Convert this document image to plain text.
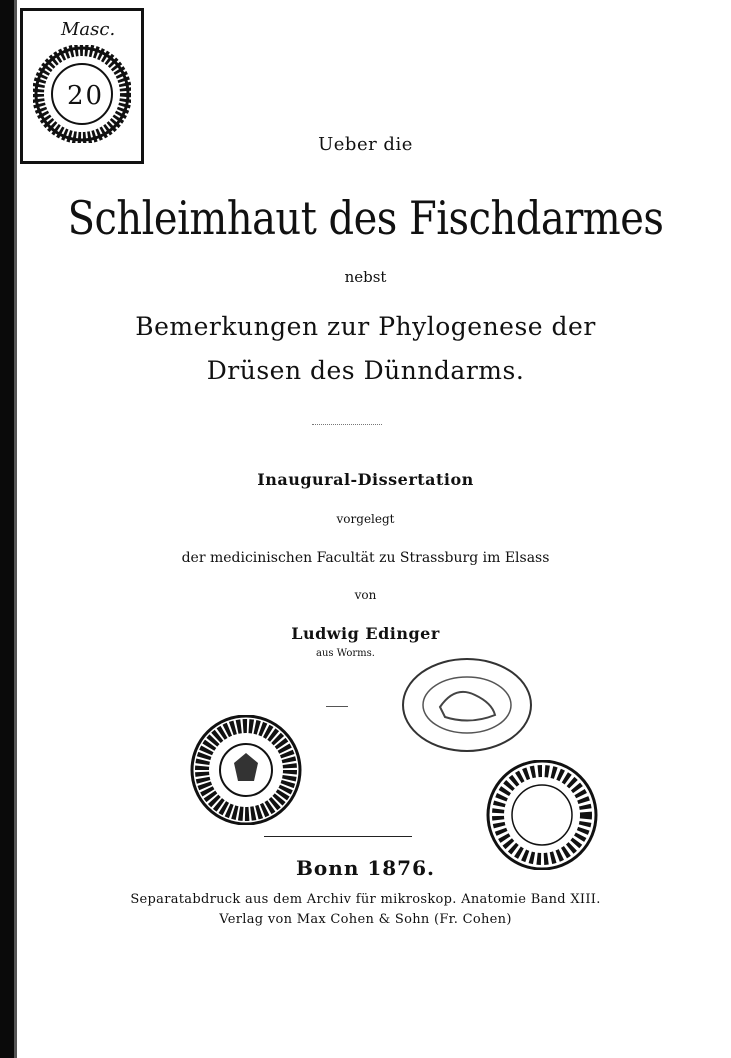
Masc.
20
Ueber die
Schleimhaut des Fischdarmes
nebst
Bemerkungen zur Phylogenese der
Drüsen des Dünndarms.
Inaugural-Dissertation
vorgelegt
der medicinischen Facultät zu Strassburg im Elsass
von
Ludwig Edinger
aus Worms.
Bonn 1876.
Separatabdruck aus dem Archiv für mikroskop. Anatomie Band XIII.
Verlag von Max Cohen & Sohn (Fr. Cohen)
